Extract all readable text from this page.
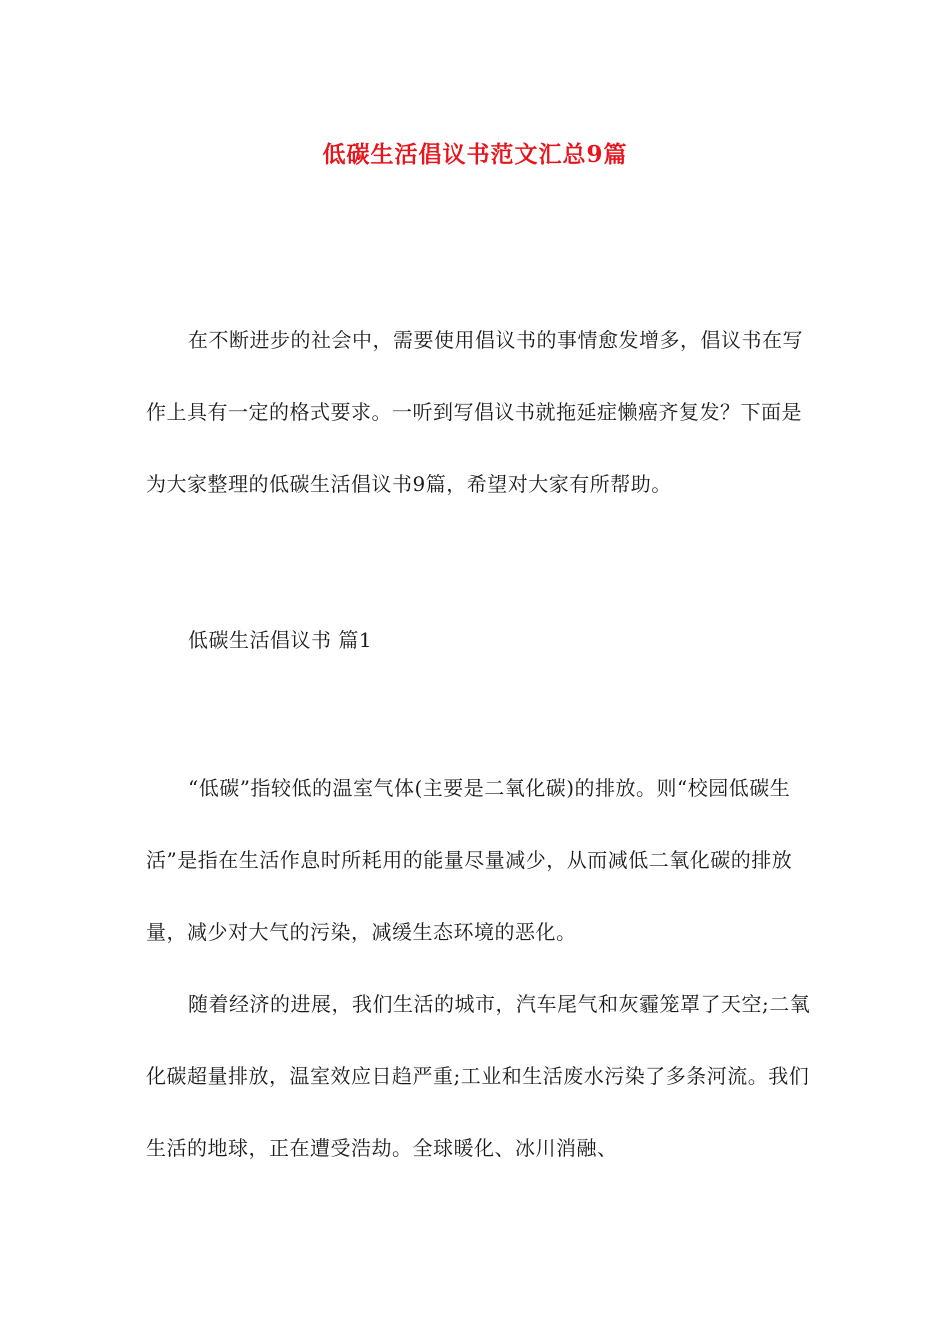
低碳生活倡议书范文汇总9篇

在不断进步的社会中，需要使用倡议书的事情愈发增多，倡议书在写作上具有一定的格式要求。一听到写倡议书就拖延症懒癌齐复发？下面是为大家整理的低碳生活倡议书9篇，希望对大家有所帮助。

低碳生活倡议书 篇1

“低碳”指较低的温室气体(主要是二氧化碳)的排放。则“校园低碳生活”是指在生活作息时所耗用的能量尽量减少，从而减低二氧化碳的排放量，减少对大气的污染，减缓生态环境的恶化。

随着经济的进展，我们生活的城市，汽车尾气和灰霾笼罩了天空;二氧化碳超量排放，温室效应日趋严重;工业和生活废水污染了多条河流。我们生活的地球，正在遭受浩劫。全球暖化、冰川消融、
